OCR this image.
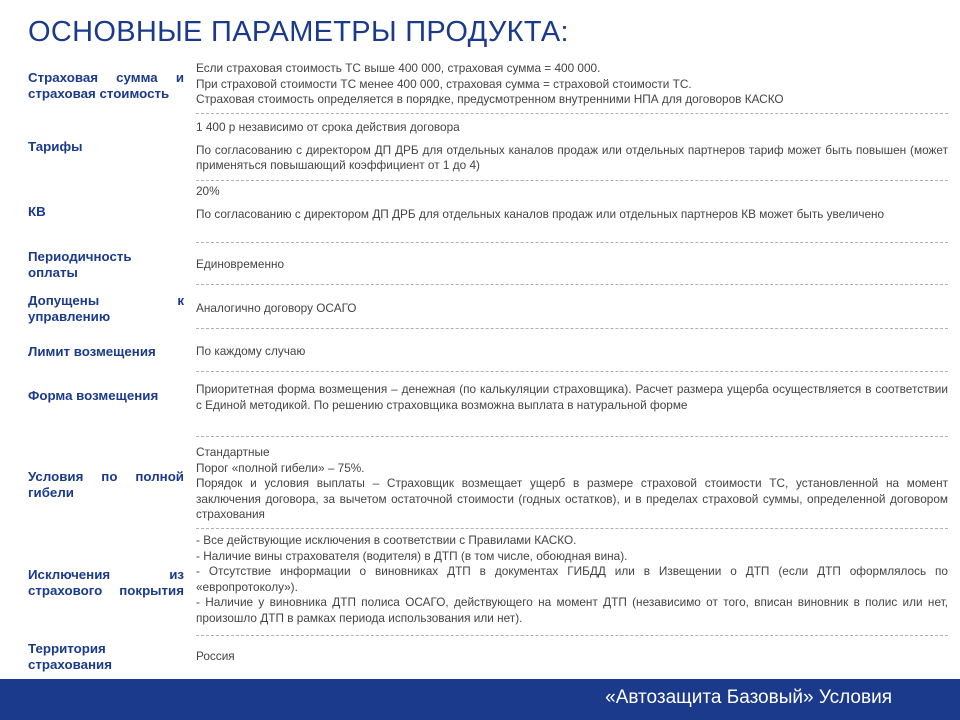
ОСНОВНЫЕ ПАРАМЕТРЫ ПРОДУКТА:
Страховая сумма и страховая стоимость

Если страховая стоимость ТС выше 400 000, страховая сумма = 400 000.

При страховой стоимости ТС менее 400 000, страховая сумма = страховой стоимости ТС.

Страховая стоимость определяется в порядке, предусмотренном внутренними НПА для договоров КАСКО

Тарифы

1 400 р независимо от срока действия договора

По согласованию с директором ДП ДРБ для отдельных каналов продаж или отдельных партнеров тариф может быть повышен (может применяться повышающий коэффициент от 1 до 4)

КВ

20%

По согласованию с директором ДП ДРБ для отдельных каналов продаж или отдельных партнеров КВ может быть увеличено

Периодичность оплаты

Единовременно

Допущены к управлению

Аналогично договору ОСАГО

Лимит возмещения	По каждому случаю

Форма возмещения	Приоритетная форма возмещения – денежная (по калькуляции страховщика). Расчет размера ущерба осуществляется в соответствии с Единой методикой. По решению страховщика возможна выплата в натуральной форме

Условия по полной гибели

Стандартные

Порог «полной гибели» – 75%.

Порядок и условия выплаты – Страховщик возмещает ущерб в размере страховой стоимости ТС, установленной на момент заключения договора, за вычетом остаточной стоимости (годных остатков), и в пределах страховой суммы, определенной договором страхования

Исключения из страхового покрытия

- Все действующие исключения в соответствии с Правилами КАСКО.

- Наличие вины страхователя (водителя) в ДТП (в том числе, обоюдная вина).

- Отсутствие информации о виновниках ДТП в документах ГИБДД или в Извещении о ДТП (если ДТП оформлялось по «европротоколу»).

- Наличие у виновника ДТП полиса ОСАГО, действующего на момент ДТП (независимо от того, вписан виновник в полис или нет, произошло ДТП в рамках периода использования или нет).

Территория страхования

Россия

«Автозащита Базовый» Условия
